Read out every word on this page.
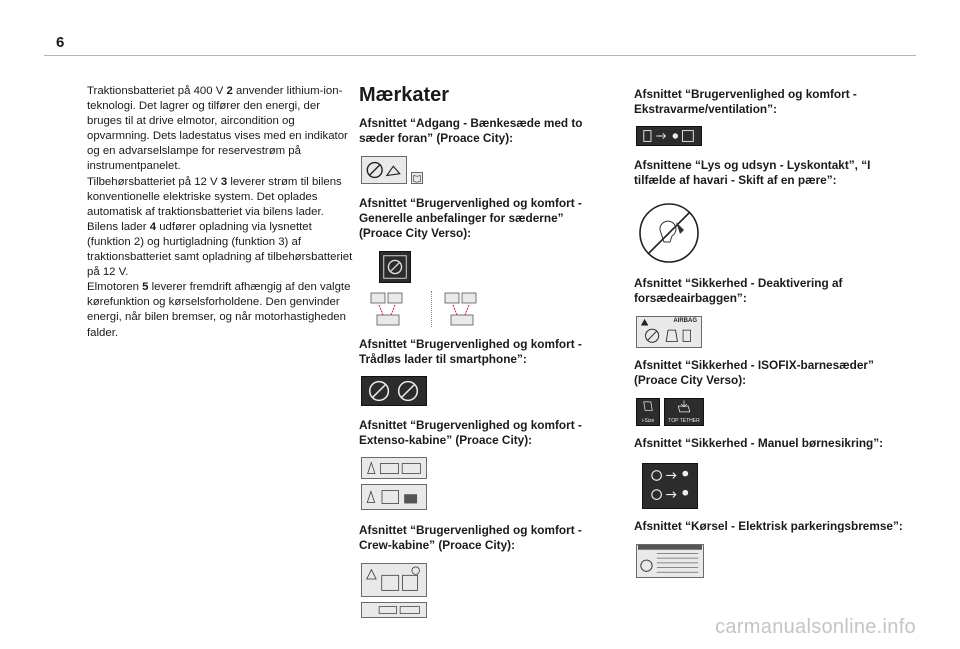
6

Traktionsbatteriet på 400 V 2 anvender lithium-ion-teknologi. Det lagrer og tilfører den energi, der bruges til at drive elmotor, aircondition og opvarmning. Dets ladestatus vises med en indikator og en advarselslampe for reservestrøm på instrumentpanelet.

Tilbehørsbatteriet på 12 V 3 leverer strøm til bilens konventionelle elektriske system. Det oplades automatisk af traktionsbatteriet via bilens lader.

Bilens lader 4 udfører opladning via lysnettet (funktion 2) og hurtigladning (funktion 3) af traktionsbatteriet samt opladning af tilbehørsbatteriet på 12 V.

Elmotoren 5 leverer fremdrift afhængig af den valgte kørefunktion og kørselsforholdene. Den genvinder energi, når bilen bremser, og når motorhastigheden falder.

Mærkater
Afsnittet “Adgang - Bænkesæde med to sæder foran” (Proace City):
Afsnittet “Brugervenlighed og komfort - Generelle anbefalinger for sæderne” (Proace City Verso):
Afsnittet “Brugervenlighed og komfort - Trådløs lader til smartphone”:
Afsnittet “Brugervenlighed og komfort - Extenso-kabine” (Proace City):
Afsnittet “Brugervenlighed og komfort - Crew-kabine” (Proace City):
Afsnittet “Brugervenlighed og komfort - Ekstravarme/ventilation”:
Afsnittene “Lys og udsyn - Lyskontakt”, “I tilfælde af havari - Skift af en pære”:
Afsnittet “Sikkerhed - Deaktivering af forsædeairbaggen”:
AIRBAG
Afsnittet “Sikkerhed - ISOFIX-barnesæder” (Proace City Verso):
i-Size	TOP TETHER
Afsnittet “Sikkerhed - Manuel børnesikring”:
Afsnittet “Kørsel - Elektrisk parkeringsbremse”:
carmanualsonline.info
